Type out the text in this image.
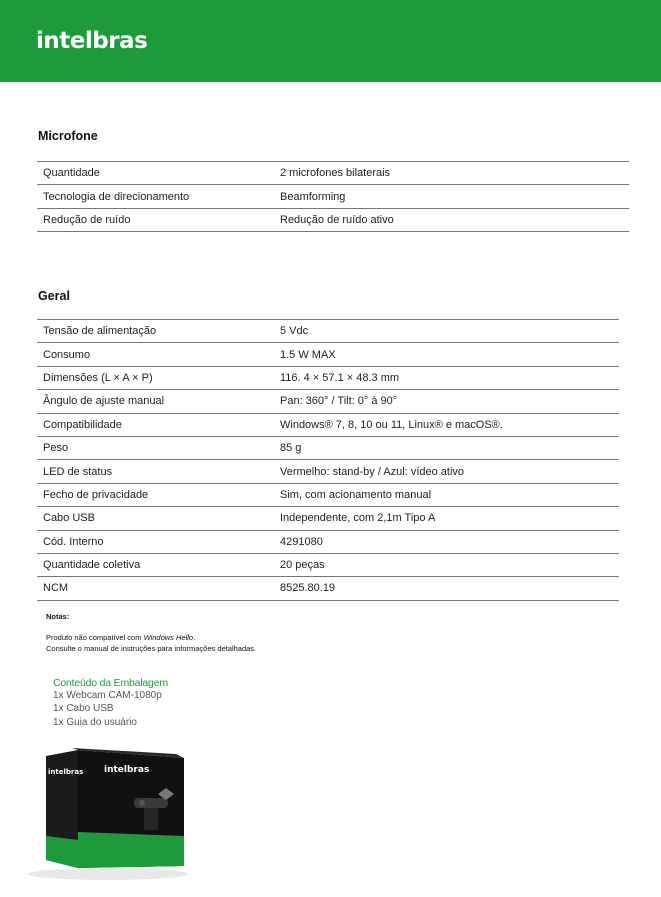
intelbras
Microfone
Quantidade	2 microfones bilaterais
Tecnologia de direcionamento	Beamforming
Redução de ruído	Redução de ruído ativo
Geral
Tensão de alimentação	5 Vdc
Consumo	1.5 W MAX
Dimensões (L × A × P)	116. 4 × 57.1 × 48.3 mm
Ângulo de ajuste manual	Pan: 360° / Tilt: 0° à 90°
Compatibilidade	Windows® 7, 8, 10 ou 11, Linux® e macOS®.
Peso	85 g
LED de status	Vermelho: stand-by / Azul: vídeo ativo
Fecho de privacidade	Sim, com acionamento manual
Cabo USB	Independente, com 2,1m Tipo A
Cód. Interno	4291080
Quantidade coletiva	20 peças
NCM	8525.80.19
Notas:
Produto não compatível com Windows Hello.
Consulte o manual de instruções para informações detalhadas.
Conteúdo da Embalagem
1x Webcam CAM-1080p
1x Cabo USB
1x Guia do usuário
intelbras intelbras
